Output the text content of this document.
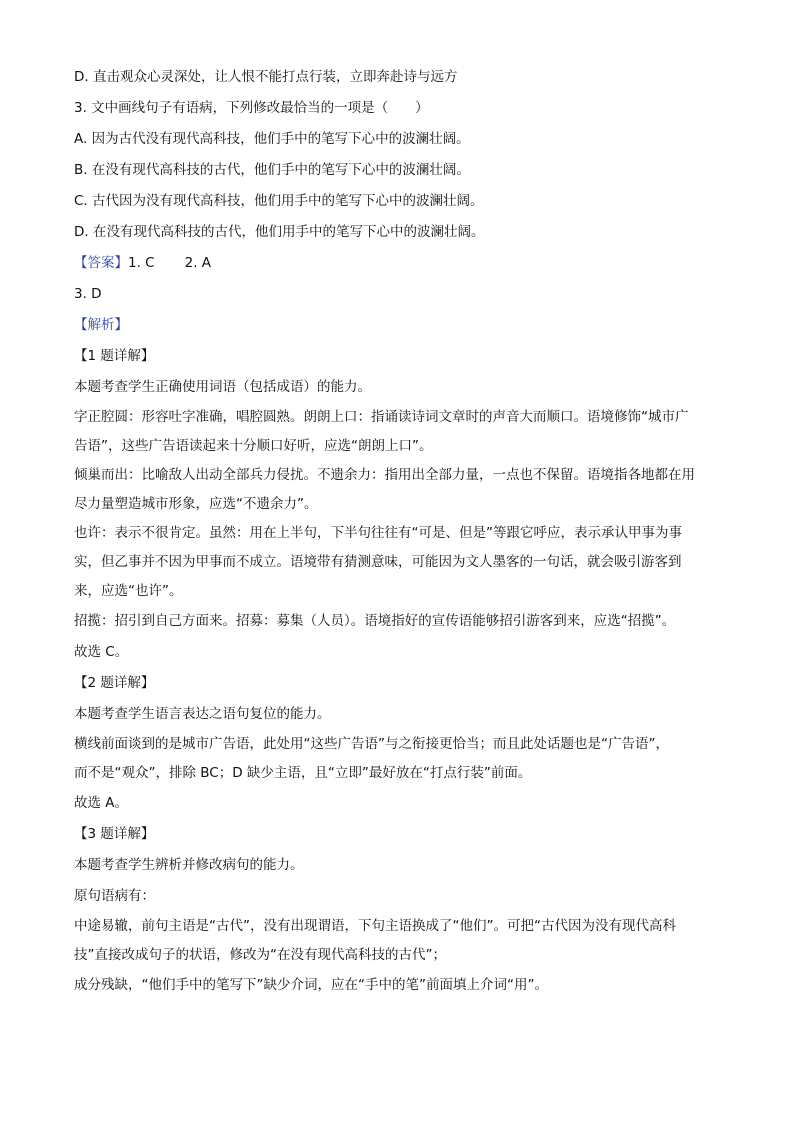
D. 直击观众心灵深处，让人恨不能打点行装，立即奔赴诗与远方
3. 文中画线句子有语病，下列修改最恰当的一项是（　　）
A. 因为古代没有现代高科技，他们手中的笔写下心中的波澜壮阔。
B. 在没有现代高科技的古代，他们手中的笔写下心中的波澜壮阔。
C. 古代因为没有现代高科技，他们用手中的笔写下心中的波澜壮阔。
D. 在没有现代高科技的古代，他们用手中的笔写下心中的波澜壮阔。
【答案】1. C 2. A
3. D
【解析】
【1 题详解】
本题考查学生正确使用词语（包括成语）的能力。
字正腔圆：形容吐字准确，唱腔圆熟。朗朗上口：指诵读诗词文章时的声音大而顺口。语境修饰“城市广
告语”，这些广告语读起来十分顺口好听，应选“朗朗上口”。
倾巢而出：比喻敌人出动全部兵力侵扰。不遗余力：指用出全部力量，一点也不保留。语境指各地都在用
尽力量塑造城市形象，应选“不遗余力”。
也许：表示不很肯定。虽然：用在上半句，下半句往往有“可是、但是”等跟它呼应，表示承认甲事为事
实，但乙事并不因为甲事而不成立。语境带有猜测意味，可能因为文人墨客的一句话，就会吸引游客到
来，应选“也许”。
招揽：招引到自己方面来。招募：募集（人员）。语境指好的宣传语能够招引游客到来，应选“招揽”。
故选 C。
【2 题详解】
本题考查学生语言表达之语句复位的能力。
横线前面谈到的是城市广告语，此处用“这些广告语”与之衔接更恰当；而且此处话题也是“广告语”，
而不是“观众”，排除 BC；D 缺少主语，且“立即”最好放在“打点行装”前面。
故选 A。
【3 题详解】
本题考查学生辨析并修改病句的能力。
原句语病有：
中途易辙，前句主语是“古代”，没有出现谓语，下句主语换成了“他们”。可把“古代因为没有现代高科
技”直接改成句子的状语，修改为“在没有现代高科技的古代”；
成分残缺，“他们手中的笔写下”缺少介词，应在“手中的笔”前面填上介词“用”。
